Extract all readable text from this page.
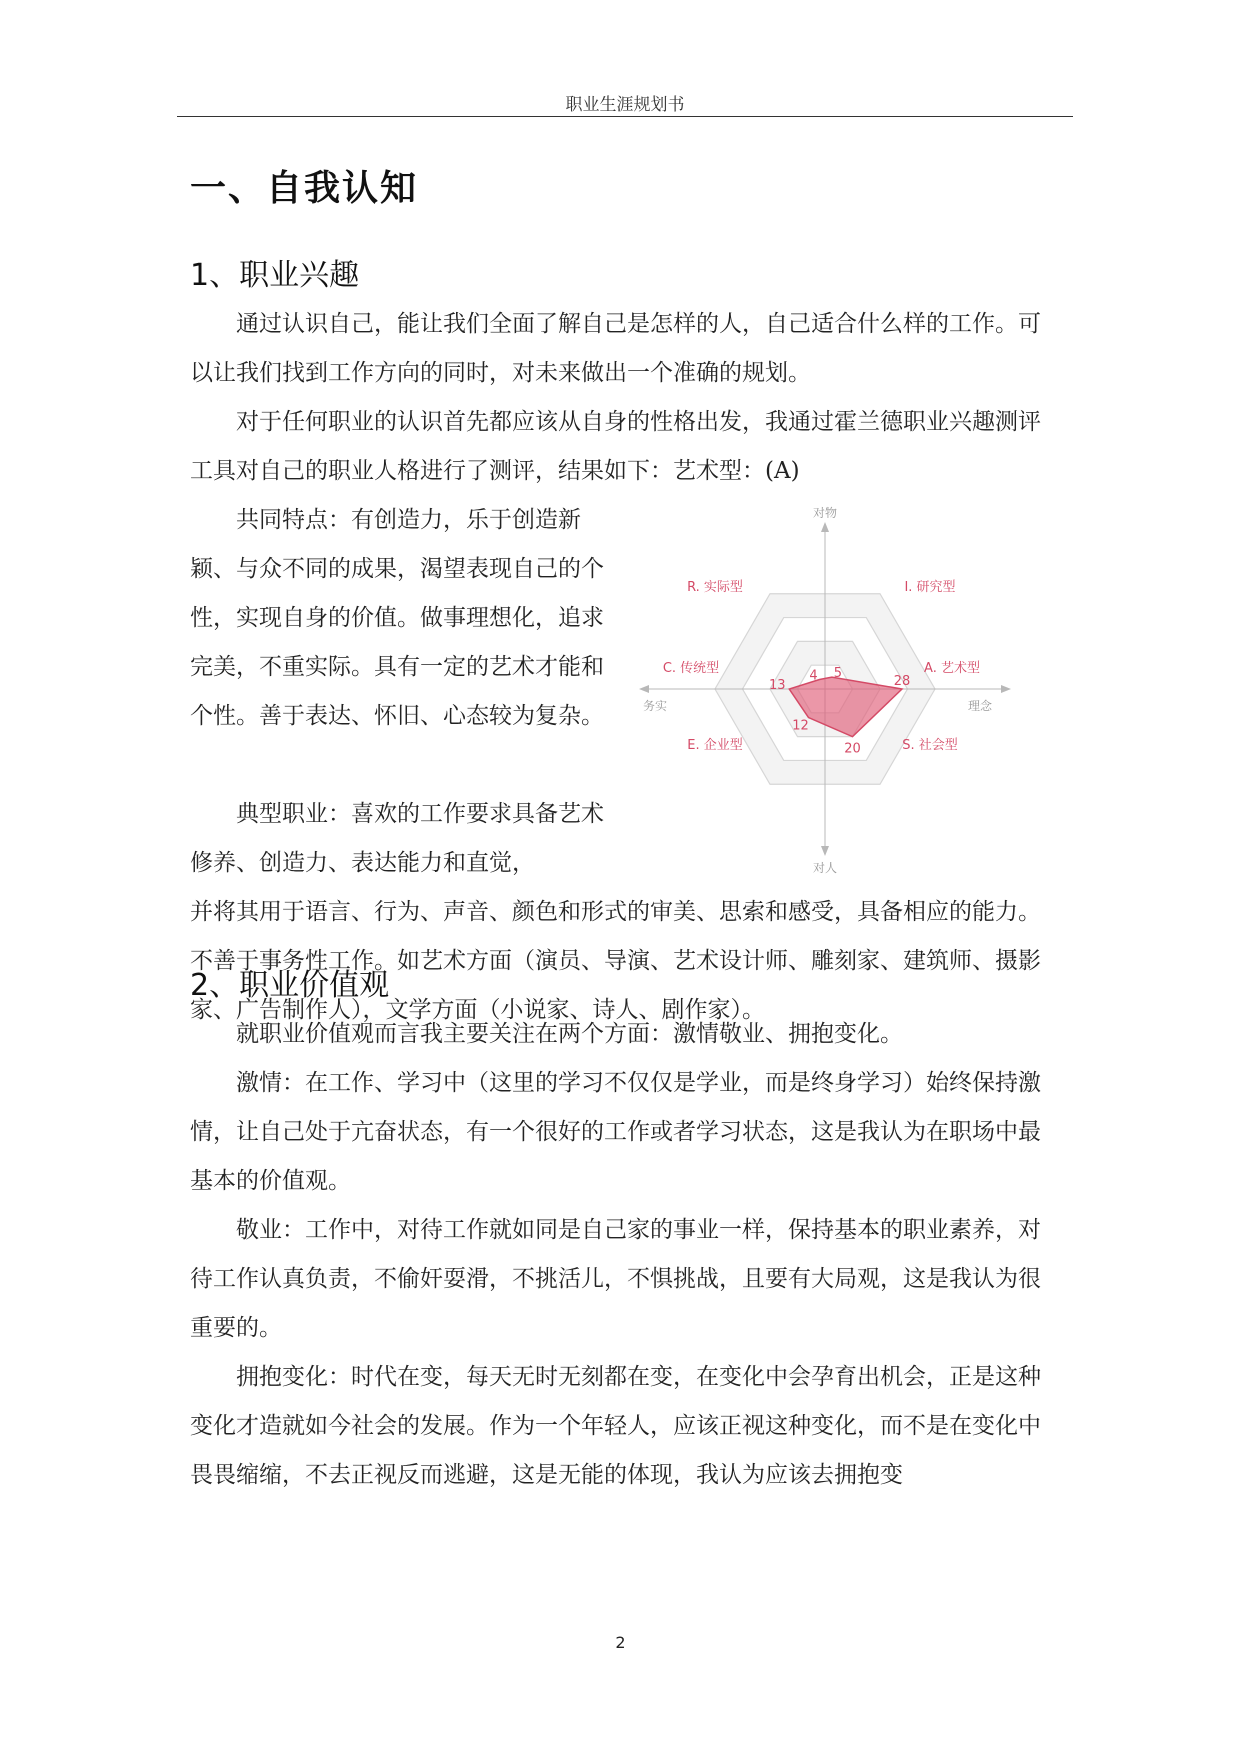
职业生涯规划书
一、自我认知
1、职业兴趣
通过认识自己，能让我们全面了解自己是怎样的人，自己适合什么样的工作。可以让我们找到工作方向的同时，对未来做出一个准确的规划。
对于任何职业的认识首先都应该从自身的性格出发，我通过霍兰德职业兴趣测评工具对自己的职业人格进行了测评，结果如下：艺术型：(A)
共同特点：有创造力，乐于创造新颖、与众不同的成果，渴望表现自己的个性，实现自身的价值。做事理想化，追求完美，不重实际。具有一定的艺术才能和个性。善于表达、怀旧、心态较为复杂。
典型职业：喜欢的工作要求具备艺术修养、创造力、表达能力和直觉，
并将其用于语言、行为、声音、颜色和形式的审美、思索和感受，具备相应的能力。不善于事务性工作。如艺术方面（演员、导演、艺术设计师、雕刻家、建筑师、摄影家、广告制作人），文学方面（小说家、诗人、剧作家）。
4 5
28
20
12
13
R. 实际型	I. 研究型
A. 艺术型
S. 社会型
E. 企业型
C. 传统型
对物
对人
务实	理念
2、职业价值观
就职业价值观而言我主要关注在两个方面：激情敬业、拥抱变化。
激情：在工作、学习中（这里的学习不仅仅是学业，而是终身学习）始终保持激情，让自己处于亢奋状态，有一个很好的工作或者学习状态，这是我认为在职场中最基本的价值观。
敬业：工作中，对待工作就如同是自己家的事业一样，保持基本的职业素养，对待工作认真负责，不偷奸耍滑，不挑活儿，不惧挑战，且要有大局观，这是我认为很重要的。
拥抱变化：时代在变，每天无时无刻都在变，在变化中会孕育出机会，正是这种变化才造就如今社会的发展。作为一个年轻人，应该正视这种变化，而不是在变化中畏畏缩缩，不去正视反而逃避，这是无能的体现，我认为应该去拥抱变
2
